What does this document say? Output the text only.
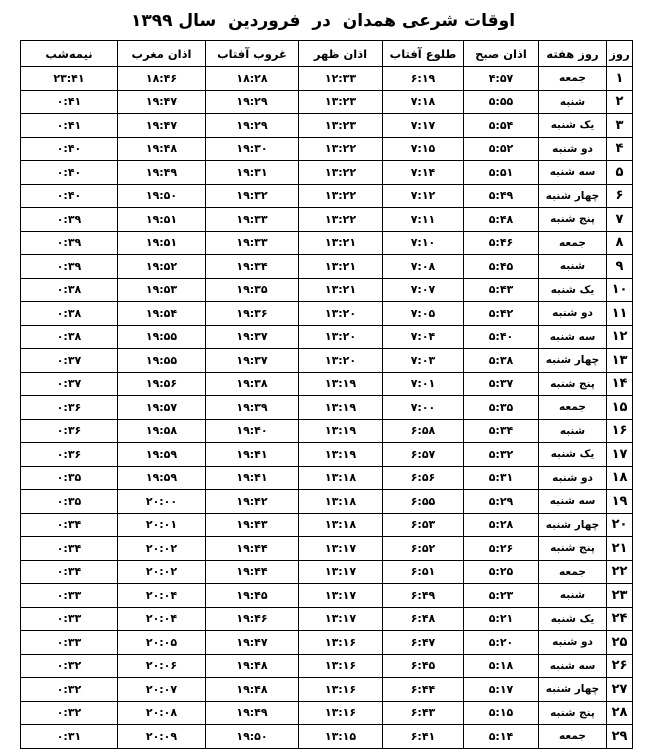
اوقات شرعی همدان  در  فروردین  سال ۱۳۹۹
روز	روز هفته	اذان صبح	طلوع آفتاب	اذان ظهر	غروب آفتاب	اذان مغرب	نیمه‌شب
۱	جمعه	۴:۵۷	۶:۱۹	۱۲:۳۳	۱۸:۲۸	۱۸:۴۶	۲۳:۴۱
۲	شنبه	۵:۵۵	۷:۱۸	۱۳:۲۳	۱۹:۲۹	۱۹:۴۷	۰:۴۱
۳	یک شنبه	۵:۵۴	۷:۱۷	۱۳:۲۳	۱۹:۲۹	۱۹:۴۷	۰:۴۱
۴	دو شنبه	۵:۵۲	۷:۱۵	۱۳:۲۲	۱۹:۳۰	۱۹:۴۸	۰:۴۰
۵	سه شنبه	۵:۵۱	۷:۱۴	۱۳:۲۲	۱۹:۳۱	۱۹:۴۹	۰:۴۰
۶	چهار شنبه	۵:۴۹	۷:۱۲	۱۳:۲۲	۱۹:۳۲	۱۹:۵۰	۰:۴۰
۷	پنج شنبه	۵:۴۸	۷:۱۱	۱۳:۲۲	۱۹:۳۳	۱۹:۵۱	۰:۳۹
۸	جمعه	۵:۴۶	۷:۱۰	۱۳:۲۱	۱۹:۳۳	۱۹:۵۱	۰:۳۹
۹	شنبه	۵:۴۵	۷:۰۸	۱۳:۲۱	۱۹:۳۴	۱۹:۵۲	۰:۳۹
۱۰	یک شنبه	۵:۴۳	۷:۰۷	۱۳:۲۱	۱۹:۳۵	۱۹:۵۳	۰:۳۸
۱۱	دو شنبه	۵:۴۲	۷:۰۵	۱۳:۲۰	۱۹:۳۶	۱۹:۵۴	۰:۳۸
۱۲	سه شنبه	۵:۴۰	۷:۰۴	۱۳:۲۰	۱۹:۳۷	۱۹:۵۵	۰:۳۸
۱۳	چهار شنبه	۵:۳۸	۷:۰۳	۱۳:۲۰	۱۹:۳۷	۱۹:۵۵	۰:۳۷
۱۴	پنج شنبه	۵:۳۷	۷:۰۱	۱۳:۱۹	۱۹:۳۸	۱۹:۵۶	۰:۳۷
۱۵	جمعه	۵:۳۵	۷:۰۰	۱۳:۱۹	۱۹:۳۹	۱۹:۵۷	۰:۳۶
۱۶	شنبه	۵:۳۴	۶:۵۸	۱۳:۱۹	۱۹:۴۰	۱۹:۵۸	۰:۳۶
۱۷	یک شنبه	۵:۳۲	۶:۵۷	۱۳:۱۹	۱۹:۴۱	۱۹:۵۹	۰:۳۶
۱۸	دو شنبه	۵:۳۱	۶:۵۶	۱۳:۱۸	۱۹:۴۱	۱۹:۵۹	۰:۳۵
۱۹	سه شنبه	۵:۲۹	۶:۵۵	۱۳:۱۸	۱۹:۴۲	۲۰:۰۰	۰:۳۵
۲۰	چهار شنبه	۵:۲۸	۶:۵۳	۱۳:۱۸	۱۹:۴۳	۲۰:۰۱	۰:۳۴
۲۱	پنج شنبه	۵:۲۶	۶:۵۲	۱۳:۱۷	۱۹:۴۴	۲۰:۰۲	۰:۳۴
۲۲	جمعه	۵:۲۵	۶:۵۱	۱۳:۱۷	۱۹:۴۴	۲۰:۰۲	۰:۳۴
۲۳	شنبه	۵:۲۳	۶:۴۹	۱۳:۱۷	۱۹:۴۵	۲۰:۰۴	۰:۳۳
۲۴	یک شنبه	۵:۲۱	۶:۴۸	۱۳:۱۷	۱۹:۴۶	۲۰:۰۴	۰:۳۳
۲۵	دو شنبه	۵:۲۰	۶:۴۷	۱۳:۱۶	۱۹:۴۷	۲۰:۰۵	۰:۳۳
۲۶	سه شنبه	۵:۱۸	۶:۴۵	۱۳:۱۶	۱۹:۴۸	۲۰:۰۶	۰:۳۲
۲۷	چهار شنبه	۵:۱۷	۶:۴۴	۱۳:۱۶	۱۹:۴۸	۲۰:۰۷	۰:۳۲
۲۸	پنج شنبه	۵:۱۵	۶:۴۳	۱۳:۱۶	۱۹:۴۹	۲۰:۰۸	۰:۳۲
۲۹	جمعه	۵:۱۴	۶:۴۱	۱۳:۱۵	۱۹:۵۰	۲۰:۰۹	۰:۳۱
